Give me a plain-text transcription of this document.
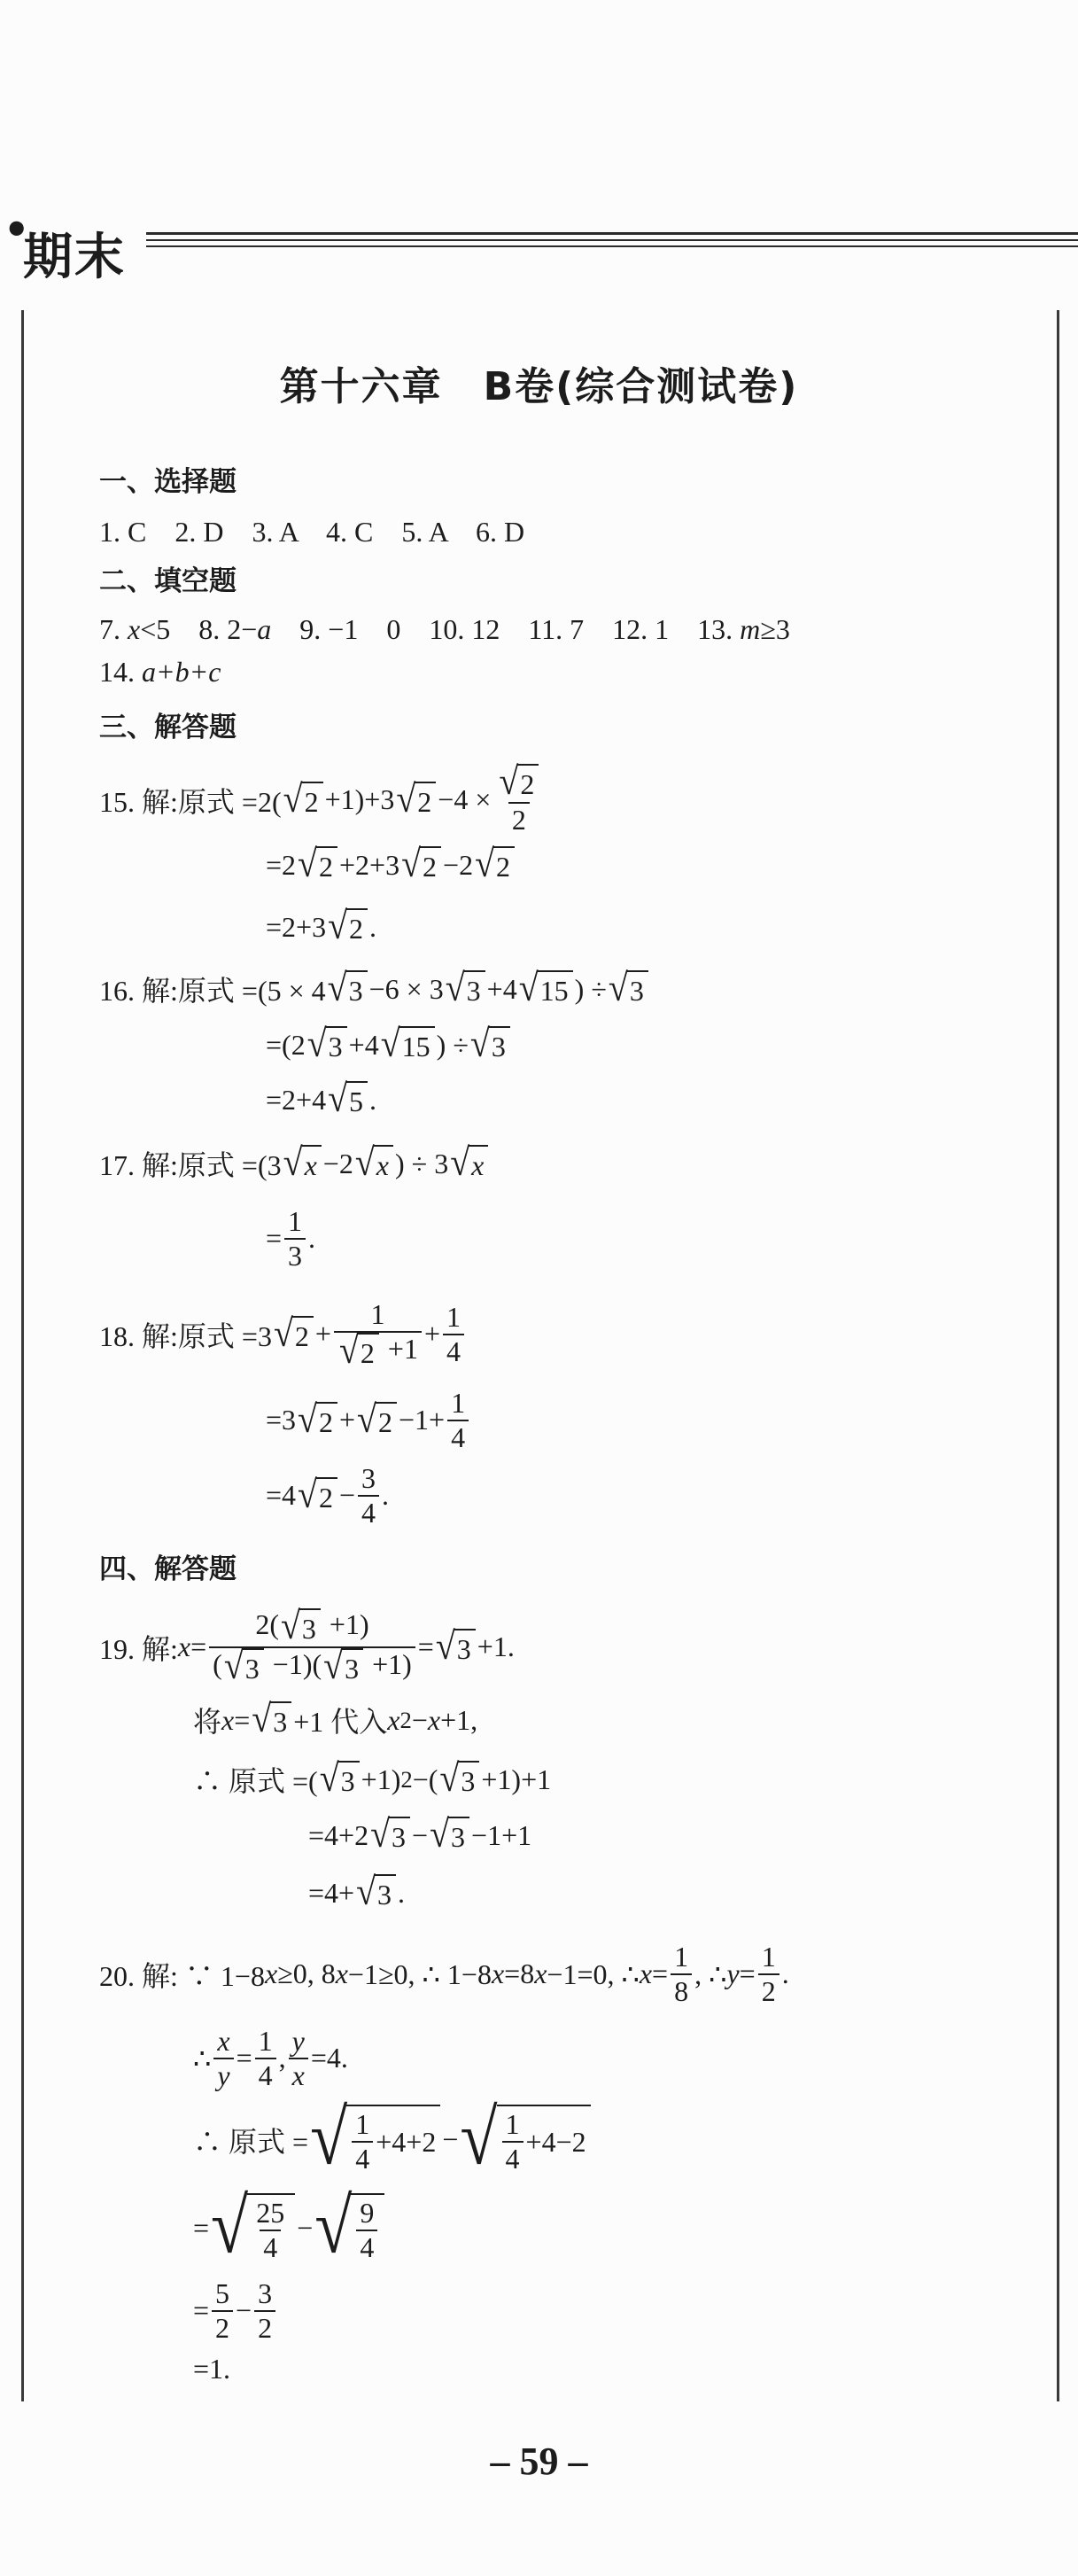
•
期末
第十六章　B卷(综合测试卷)
一、选择题
1. C　2. D　3. A　4. C　5. A　6. D
二、填空题
7. x<5 8. 2−a 9. −1　0 10. 12 11. 7 12. 1 13. m≥3
14. a+b+c
三、解答题
15. 解:原式 =2( √ 2 +1)+3 √ $2 -4 \times \frac{√ 2}{2}$
=2 √ 2 +2+3 √ 2 −2 √ 2
=2+3 √ 2 .
16. 解:原式 =(5 × 4 √ 3 −6 × 3 √ 3 +4 √ 15 ) ÷ √ 3
=(2 √ 3 +4 √ 15 ) ÷ √ 3
=2+4 √ 5 .
17. 解:原式 =(3 √ x −2 √ x ) ÷ 3 √ x
= $\frac{1}{3}$ .
18. 解:原式 =3 √ $2 + \frac{1}{√ 2 +1} + \frac{1}{4}$
=3 √ 2 + √ $2 -1+ \frac{1}{4}$
=4 √ $2 - \frac{3}{4}$ .
四、解答题
19. 解: $x = \frac{2( √ 3 +1)}{( √ 3 -1)( √ 3 +1)}$ = √ 3 +1.
将 x = √ 3 +1 代入 x 2 − x +1,
∴ 原式 =( √ 3 +1) 2 −( √ 3 +1)+1
=4+2 √ 3 − √ 3 −1+1
=4+ √ 3 .
20. 解: ∵ 1−8 x ≥0, 8 x −1≥0, ∴ 1−8 x =8 x −1=0, ∴ $x = \frac{1}{8}$ , ∴ $y = \frac{1}{2}$ .
∴ $\frac{x}{y} = \frac{1}{4}$ , $\frac{y}{x} =4$.
∴ 原式 = √ $\frac{1}{4} +4+2$ − √ $\frac{1}{4} +4-2$
= √ $\frac{25}{4}$ − √ $\frac{9}{4}$
= $\frac{5}{2} - \frac{3}{2}$
=1.
– 59 –
